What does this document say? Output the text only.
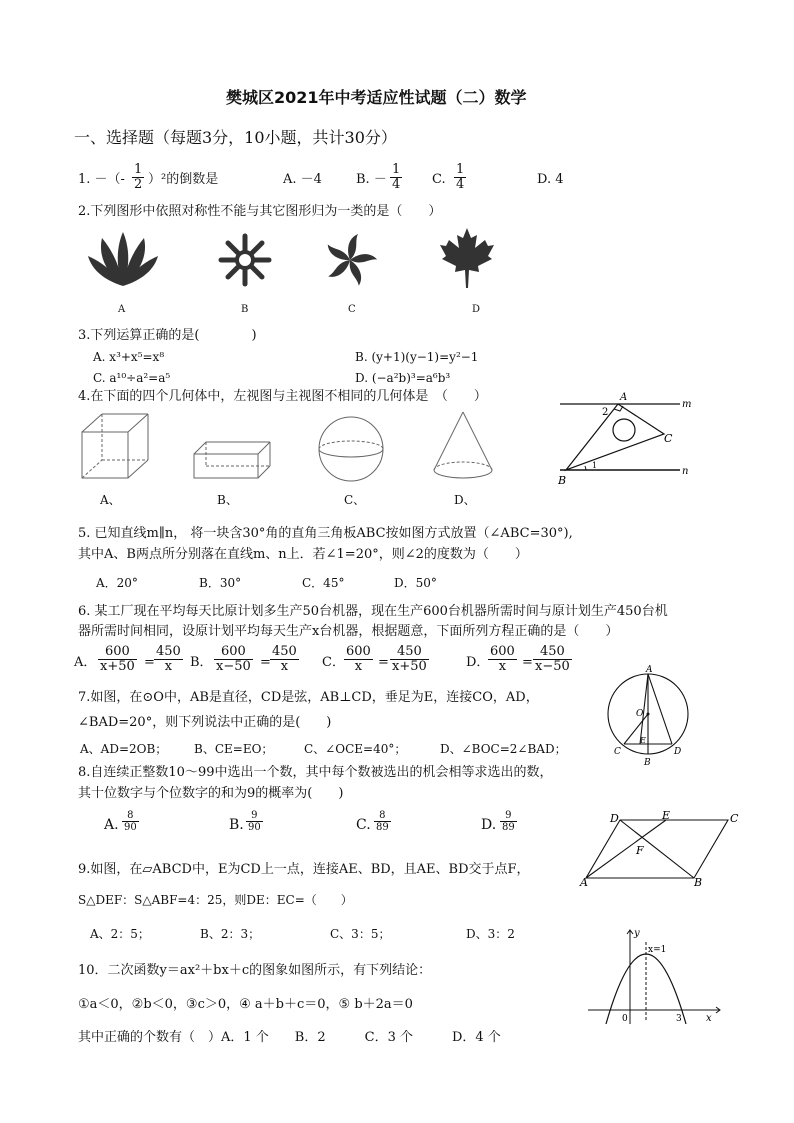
樊城区2021年中考适应性试题（二）数学
一、选择题（每题3分，10小题，共计30分）
1. －（- $\frac{1}{2} )^2$的倒数是	A. －4	B. － $\frac{1}{4} C$. $\frac{1}{4}$	D. 4
2.下列图形中依照对称性不能与其它图形归为一类的是（　　）
A	B	C	D
3.下列运算正确的是(　　　　)
A. x³+x⁵=x⁸	B. (y+1)(y−1)=y²−1
C. a¹⁰÷a²=a⁵	D. (−a²b)³=a⁶b³
4.在下面的四个几何体中，左视图与主视图不相同的几何体是　（　　）
A、	B、	C、	D、
A
B
C
m
n
2
1
5. 已知直线m∥n， 将一块含30°角的直角三角板ABC按如图方式放置（∠ABC=30°),
其中A、B两点所分别落在直线m、n上．若∠1=20°，则∠2的度数为（　　）
A．20°	B．30°	C．45°	D．50°
6. 某工厂现在平均每天比原计划多生产50台机器，现在生产600台机器所需时间与原计划生产450台机
器所需时间相同，设原计划平均每天生产x台机器，根据题意，下面所列方程正确的是（　　）
A． $\frac{600}{x+50} = \frac{450}{x}$ B． $\frac{600}{x-50} = \frac{450}{x}$ C． $\frac{600}{x} = \frac{450}{x+50}$	D．
$\frac{600}{x} = \frac{450}{x-50}$	A
O
C
E
D
B
7.如图，在⊙O中，AB是直径，CD是弦，AB⊥CD，垂足为E，连接CO，AD，
∠BAD=20°，则下列说法中正确的是(　　)
A、AD=2OB； B、CE=EO；	C、∠OCE=40°；	D、∠BOC=2∠BAD；
8.自连续正整数10～99中选出一个数，其中每个数被选出的机会相等求选出的数，
其十位数字与个位数字的和为9的概率为(　　)
A. $\frac{8}{90}$	B. $\frac{9}{90}$	C. $\frac{8}{89}$	D. $\frac{9}{89}$	D	E	C
F
A	B
9.如图，在▱ABCD中，E为CD上一点，连接AE、BD，且AE、BD交于点F，
S△DEF：S△ABF=4：25，则DE：EC=（　　）
A、2：5；	B、2：3；	C、3：5；	D、3：2	y
x=1
0	3 x
10．二次函数y＝ax²＋bx＋c的图象如图所示，有下列结论：
①a＜0，②b＜0，③c＞0，④ a＋b＋c＝0，⑤ b＋2a＝0
其中正确的个数有（　）A．1 个　　B．2　　　C．3 个　　　D．4 个
